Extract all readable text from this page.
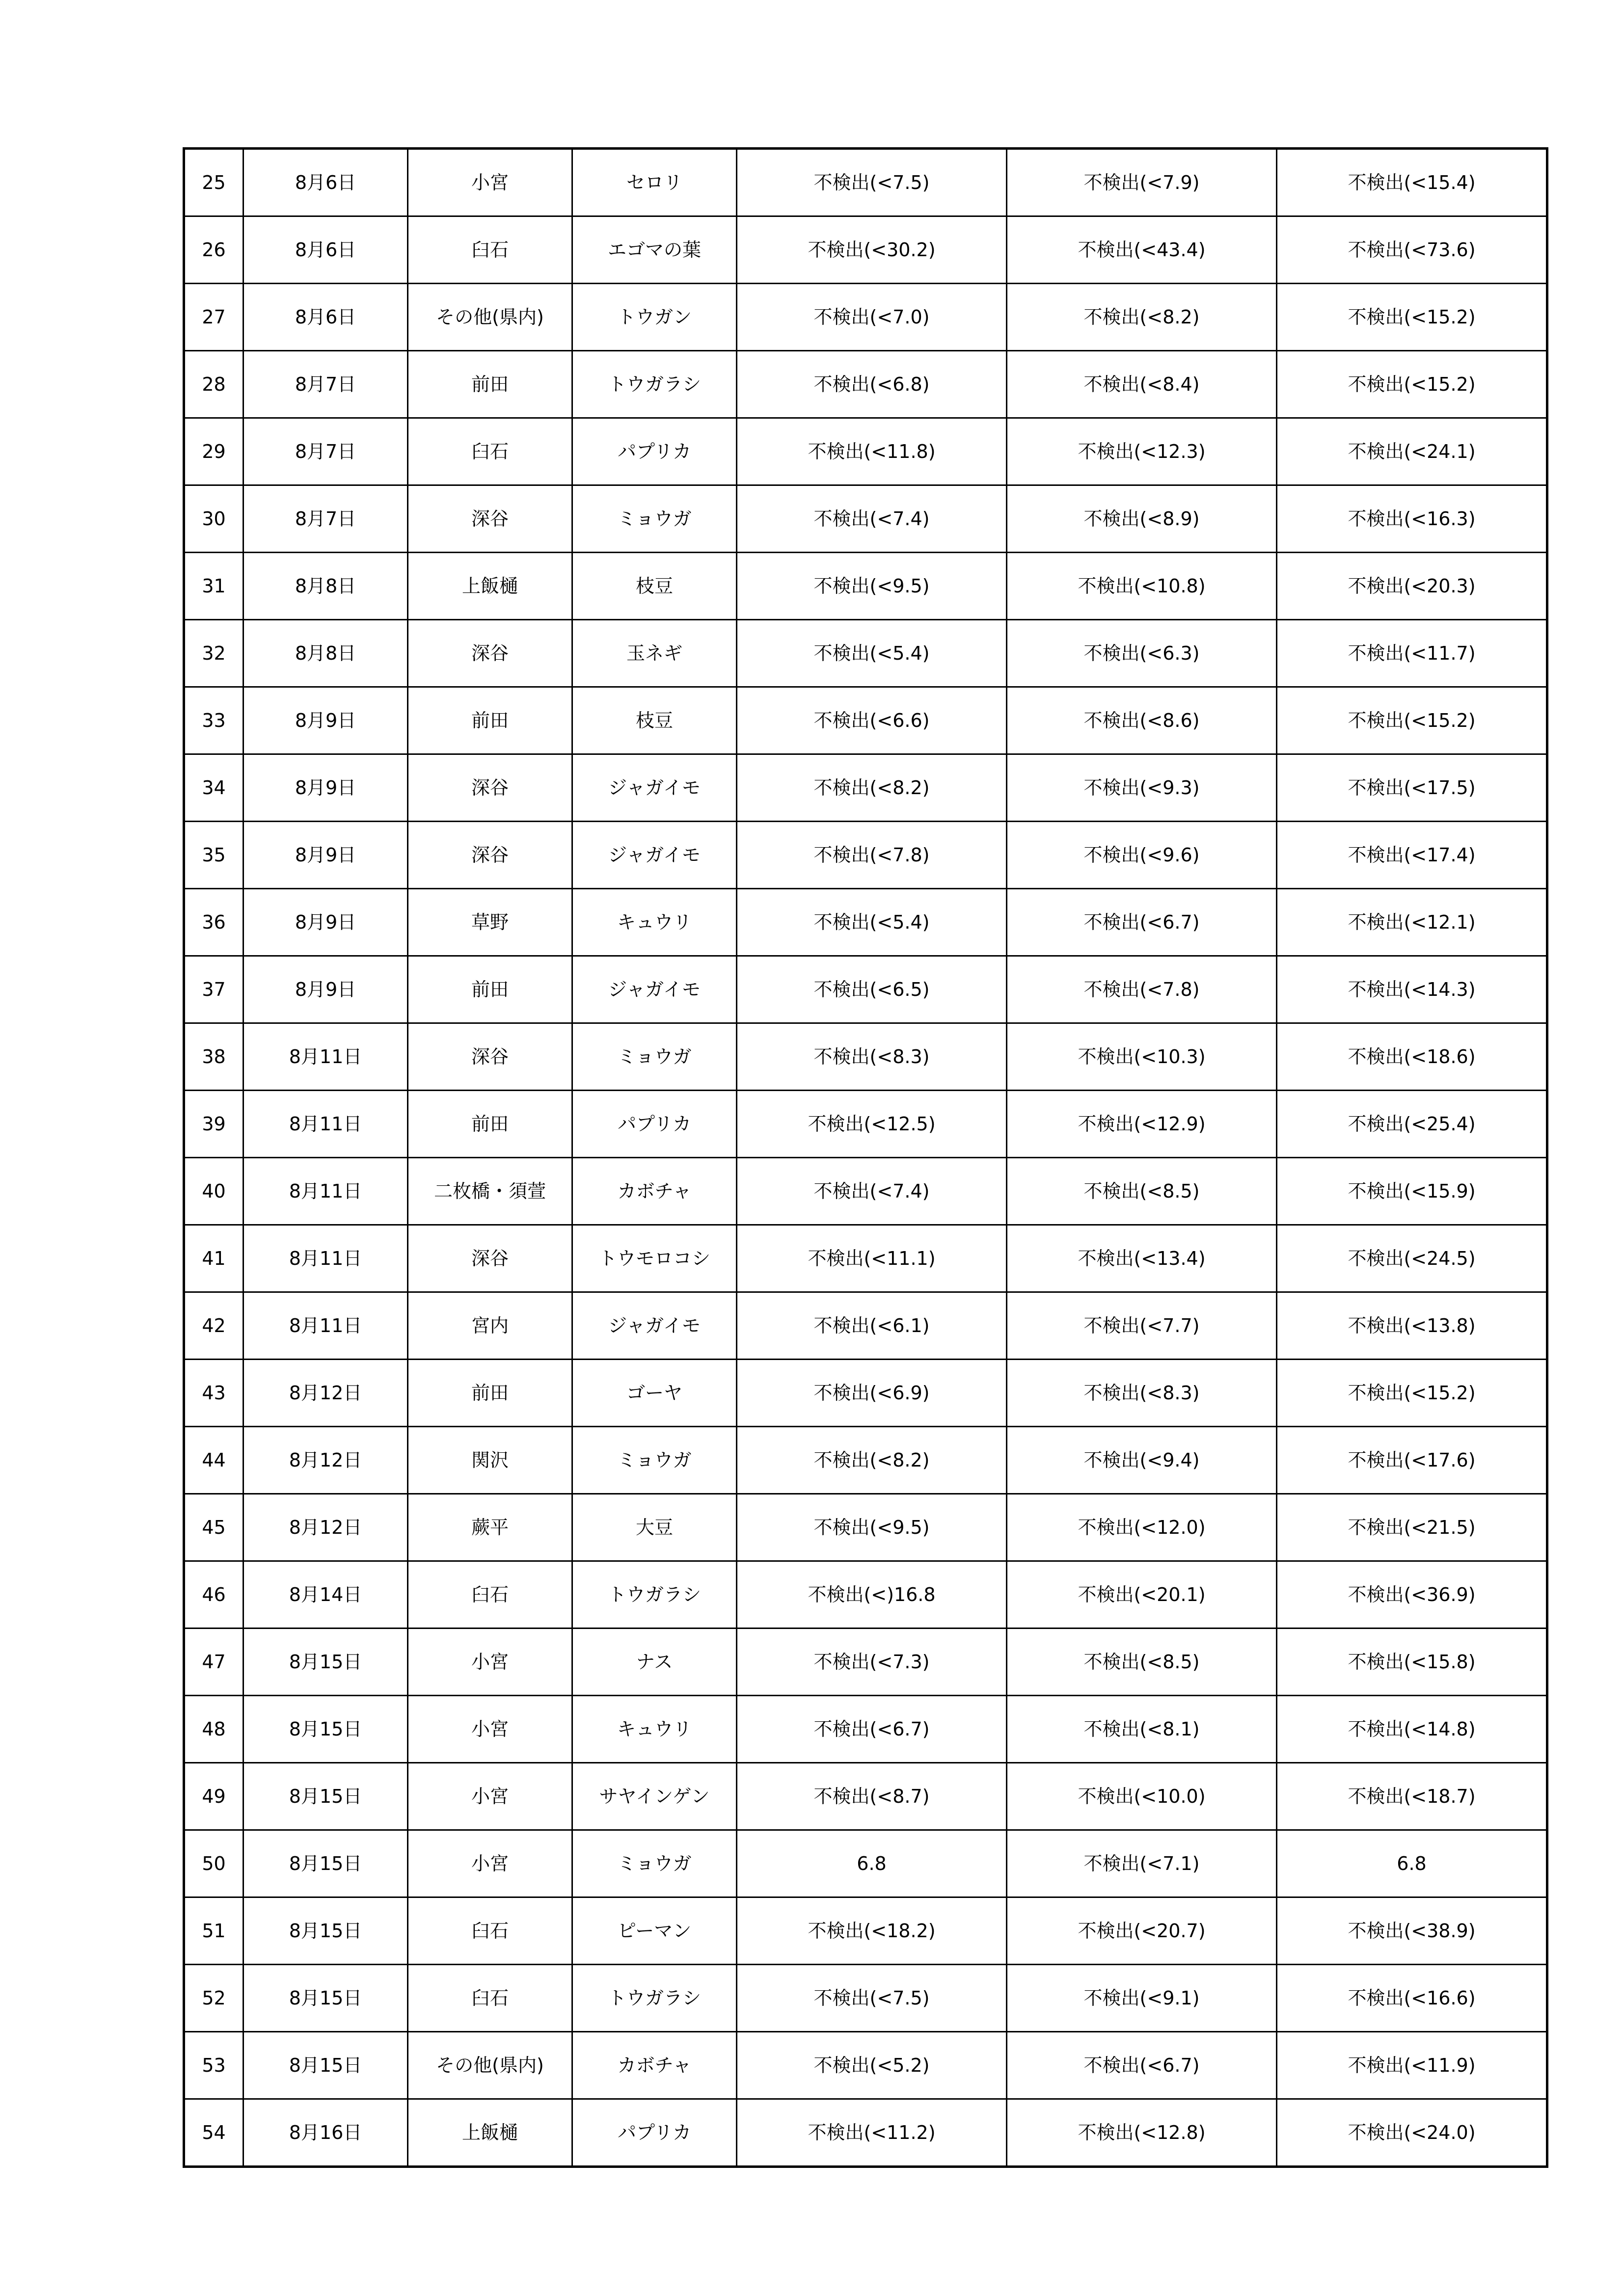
25	8月6日	小宮	セロリ	不検出(<7.5)	不検出(<7.9)	不検出(<15.4)
26	8月6日	臼石	エゴマの葉	不検出(<30.2)	不検出(<43.4)	不検出(<73.6)
27	8月6日	その他(県内)	トウガン	不検出(<7.0)	不検出(<8.2)	不検出(<15.2)
28	8月7日	前田	トウガラシ	不検出(<6.8)	不検出(<8.4)	不検出(<15.2)
29	8月7日	臼石	パプリカ	不検出(<11.8)	不検出(<12.3)	不検出(<24.1)
30	8月7日	深谷	ミョウガ	不検出(<7.4)	不検出(<8.9)	不検出(<16.3)
31	8月8日	上飯樋	枝豆	不検出(<9.5)	不検出(<10.8)	不検出(<20.3)
32	8月8日	深谷	玉ネギ	不検出(<5.4)	不検出(<6.3)	不検出(<11.7)
33	8月9日	前田	枝豆	不検出(<6.6)	不検出(<8.6)	不検出(<15.2)
34	8月9日	深谷	ジャガイモ	不検出(<8.2)	不検出(<9.3)	不検出(<17.5)
35	8月9日	深谷	ジャガイモ	不検出(<7.8)	不検出(<9.6)	不検出(<17.4)
36	8月9日	草野	キュウリ	不検出(<5.4)	不検出(<6.7)	不検出(<12.1)
37	8月9日	前田	ジャガイモ	不検出(<6.5)	不検出(<7.8)	不検出(<14.3)
38	8月11日	深谷	ミョウガ	不検出(<8.3)	不検出(<10.3)	不検出(<18.6)
39	8月11日	前田	パプリカ	不検出(<12.5)	不検出(<12.9)	不検出(<25.4)
40	8月11日	二枚橋・須萱	カボチャ	不検出(<7.4)	不検出(<8.5)	不検出(<15.9)
41	8月11日	深谷	トウモロコシ	不検出(<11.1)	不検出(<13.4)	不検出(<24.5)
42	8月11日	宮内	ジャガイモ	不検出(<6.1)	不検出(<7.7)	不検出(<13.8)
43	8月12日	前田	ゴーヤ	不検出(<6.9)	不検出(<8.3)	不検出(<15.2)
44	8月12日	関沢	ミョウガ	不検出(<8.2)	不検出(<9.4)	不検出(<17.6)
45	8月12日	蕨平	大豆	不検出(<9.5)	不検出(<12.0)	不検出(<21.5)
46	8月14日	臼石	トウガラシ	不検出(<)16.8	不検出(<20.1)	不検出(<36.9)
47	8月15日	小宮	ナス	不検出(<7.3)	不検出(<8.5)	不検出(<15.8)
48	8月15日	小宮	キュウリ	不検出(<6.7)	不検出(<8.1)	不検出(<14.8)
49	8月15日	小宮	サヤインゲン	不検出(<8.7)	不検出(<10.0)	不検出(<18.7)
50	8月15日	小宮	ミョウガ	6.8	不検出(<7.1)	6.8
51	8月15日	臼石	ピーマン	不検出(<18.2)	不検出(<20.7)	不検出(<38.9)
52	8月15日	臼石	トウガラシ	不検出(<7.5)	不検出(<9.1)	不検出(<16.6)
53	8月15日	その他(県内)	カボチャ	不検出(<5.2)	不検出(<6.7)	不検出(<11.9)
54	8月16日	上飯樋	パプリカ	不検出(<11.2)	不検出(<12.8)	不検出(<24.0)
